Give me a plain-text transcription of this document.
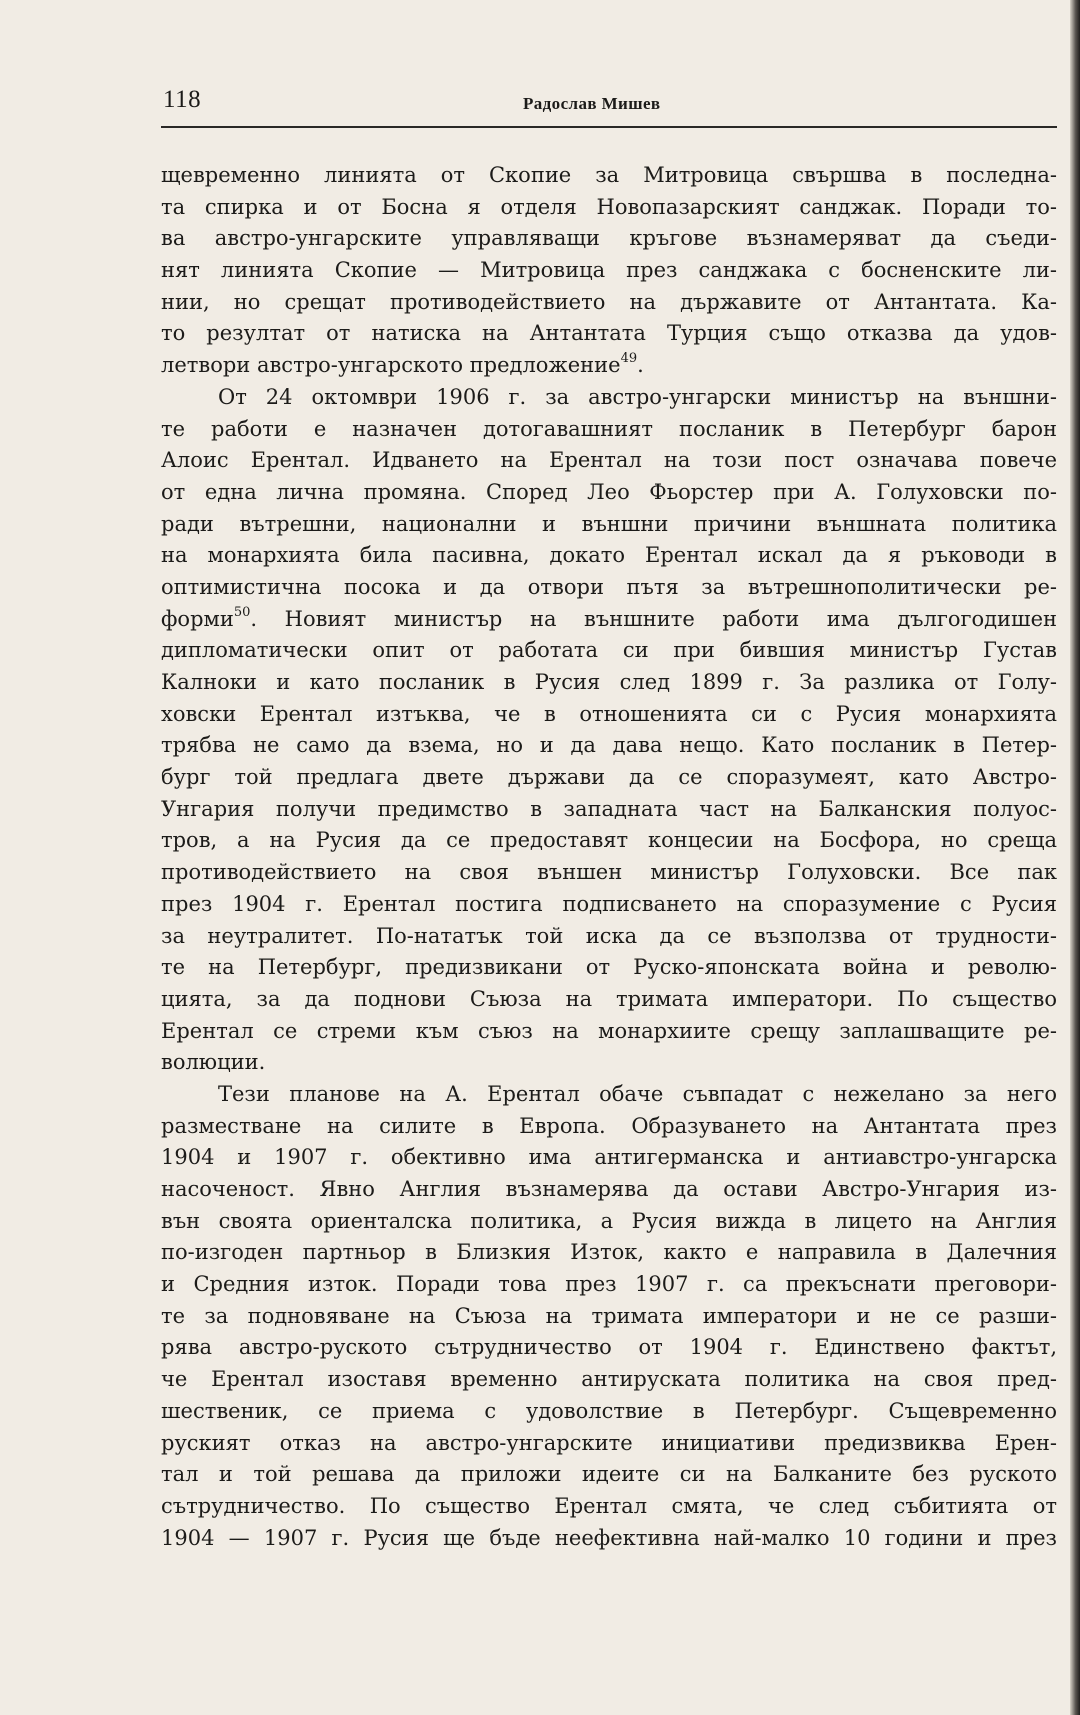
118	Радослав Мишев
щевременно линията от Скопие за Митровица свършва в последна-
та спирка и от Босна я отделя Новопазарският санджак. Поради то-
ва австро-унгарските управляващи кръгове възнамеряват да съеди-
нят линията Скопие — Митровица през санджака с босненските ли-
нии, но срещат противодействието на държавите от Антантата. Ка-
то резултат от натиска на Антантата Турция също отказва да удов-
летвори австро-унгарското предложение$^{49}$.
От 24 октомври 1906 г. за австро-унгарски министър на външни-
те работи е назначен дотогавашният посланик в Петербург барон
Алоис Ерентал. Идването на Ерентал на този пост означава повече
от една лична промяна. Според Лео Фьорстер при А. Голуховски по-
ради вътрешни, национални и външни причини външната политика
на монархията била пасивна, докато Ерентал искал да я ръководи в
оптимистична посока и да отвори пътя за вътрешнополитически ре-
форми$^{50}$. Новият министър на външните работи има дългогодишен
дипломатически опит от работата си при бившия министър Густав
Калноки и като посланик в Русия след 1899 г. За разлика от Голу-
ховски Ерентал изтъква, че в отношенията си с Русия монархията
трябва не само да взема, но и да дава нещо. Като посланик в Петер-
бург той предлага двете държави да се споразумеят, като Австро-
Унгария получи предимство в западната част на Балканския полуос-
тров, а на Русия да се предоставят концесии на Босфора, но среща
противодействието на своя външен министър Голуховски. Все пак
през 1904 г. Ерентал постига подписването на споразумение с Русия
за неутралитет. По-нататък той иска да се възползва от трудности-
те на Петербург, предизвикани от Руско-японската война и револю-
цията, за да поднови Съюза на тримата императори. По същество
Ерентал се стреми към съюз на монархиите срещу заплашващите ре-
волюции.
Тези планове на А. Ерентал обаче съвпадат с нежелано за него
разместване на силите в Европа. Образуването на Антантата през
1904 и 1907 г. обективно има антигерманска и антиавстро-унгарска
насоченост. Явно Англия възнамерява да остави Австро-Унгария из-
вън своята ориенталска политика, а Русия вижда в лицето на Англия
по-изгоден партньор в Близкия Изток, както е направила в Далечния
и Средния изток. Поради това през 1907 г. са прекъснати преговори-
те за подновяване на Съюза на тримата императори и не се разши-
рява австро-руското сътрудничество от 1904 г. Единствено фактът,
че Ерентал изоставя временно антируската политика на своя пред-
шественик, се приема с удоволствие в Петербург. Същевременно
руският отказ на австро-унгарските инициативи предизвиква Ерен-
тал и той решава да приложи идеите си на Балканите без руското
сътрудничество. По същество Ерентал смята, че след събитията от
1904 — 1907 г. Русия ще бъде неефективна най-малко 10 години и през
